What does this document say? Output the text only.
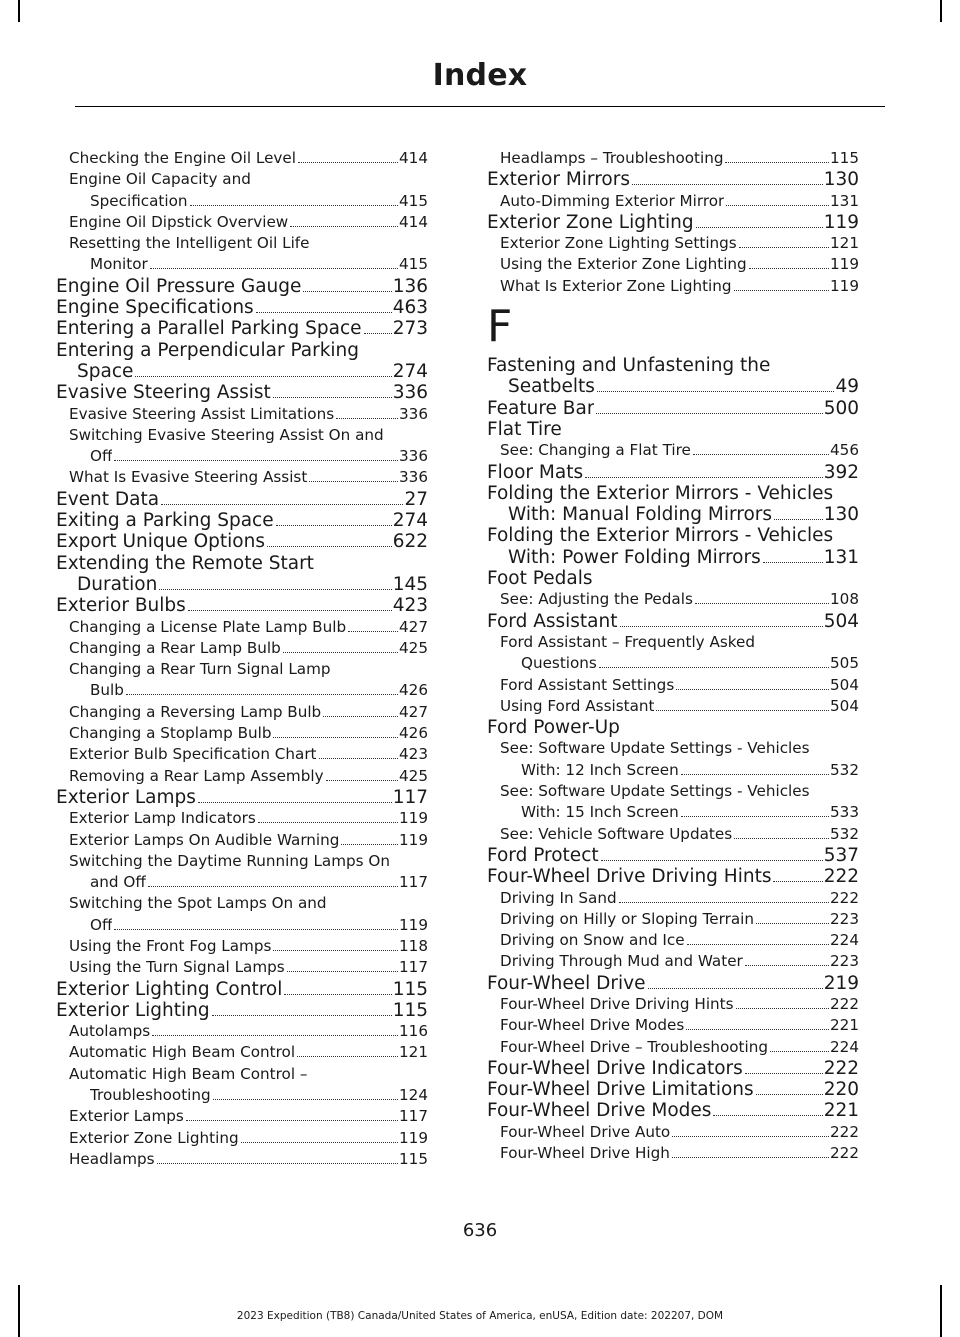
Index
Checking the Engine Oil Level	414
Engine Oil Capacity and
Specification	415
Engine Oil Dipstick Overview	414
Resetting the Intelligent Oil Life
Monitor	415
Engine Oil Pressure Gauge	136
Engine Specifications	463
Entering a Parallel Parking Space 273
Entering a Perpendicular Parking
Space	274
Evasive Steering Assist	336
Evasive Steering Assist Limitations	336
Switching Evasive Steering Assist On and
Off	336
What Is Evasive Steering Assist	336
Event Data	27
Exiting a Parking Space	274
Export Unique Options	622
Extending the Remote Start
Duration	145
Exterior Bulbs	423
Changing a License Plate Lamp Bulb	427
Changing a Rear Lamp Bulb	425
Changing a Rear Turn Signal Lamp
Bulb	426
Changing a Reversing Lamp Bulb	427
Changing a Stoplamp Bulb	426
Exterior Bulb Specification Chart	423
Removing a Rear Lamp Assembly	425
Exterior Lamps	117
Exterior Lamp Indicators	119
Exterior Lamps On Audible Warning	119
Switching the Daytime Running Lamps On
and Off	117
Switching the Spot Lamps On and
Off	119
Using the Front Fog Lamps	118
Using the Turn Signal Lamps	117
Exterior Lighting Control	115
Exterior Lighting	115
Autolamps	116
Automatic High Beam Control	121
Automatic High Beam Control –
Troubleshooting	124
Exterior Lamps	117
Exterior Zone Lighting	119
Headlamps	115
Headlamps – Troubleshooting	115
Exterior Mirrors	130
Auto-Dimming Exterior Mirror	131
Exterior Zone Lighting	119
Exterior Zone Lighting Settings	121
Using the Exterior Zone Lighting	119
What Is Exterior Zone Lighting	119
F
Fastening and Unfastening the
Seatbelts	49
Feature Bar	500
Flat Tire
See: Changing a Flat Tire	456
Floor Mats	392
Folding the Exterior Mirrors - Vehicles
With: Manual Folding Mirrors	130
Folding the Exterior Mirrors - Vehicles
With: Power Folding Mirrors	131
Foot Pedals
See: Adjusting the Pedals	108
Ford Assistant	504
Ford Assistant – Frequently Asked
Questions	505
Ford Assistant Settings	504
Using Ford Assistant	504
Ford Power-Up
See: Software Update Settings - Vehicles
With: 12 Inch Screen	532
See: Software Update Settings - Vehicles
With: 15 Inch Screen	533
See: Vehicle Software Updates	532
Ford Protect	537
Four-Wheel Drive Driving Hints	222
Driving In Sand	222
Driving on Hilly or Sloping Terrain	223
Driving on Snow and Ice	224
Driving Through Mud and Water	223
Four-Wheel Drive	219
Four-Wheel Drive Driving Hints	222
Four-Wheel Drive Modes	221
Four-Wheel Drive – Troubleshooting	224
Four-Wheel Drive Indicators	222
Four-Wheel Drive Limitations	220
Four-Wheel Drive Modes	221
Four-Wheel Drive Auto	222
Four-Wheel Drive High	222
636
2023 Expedition (TB8) Canada/United States of America, enUSA, Edition date: 202207, DOM
